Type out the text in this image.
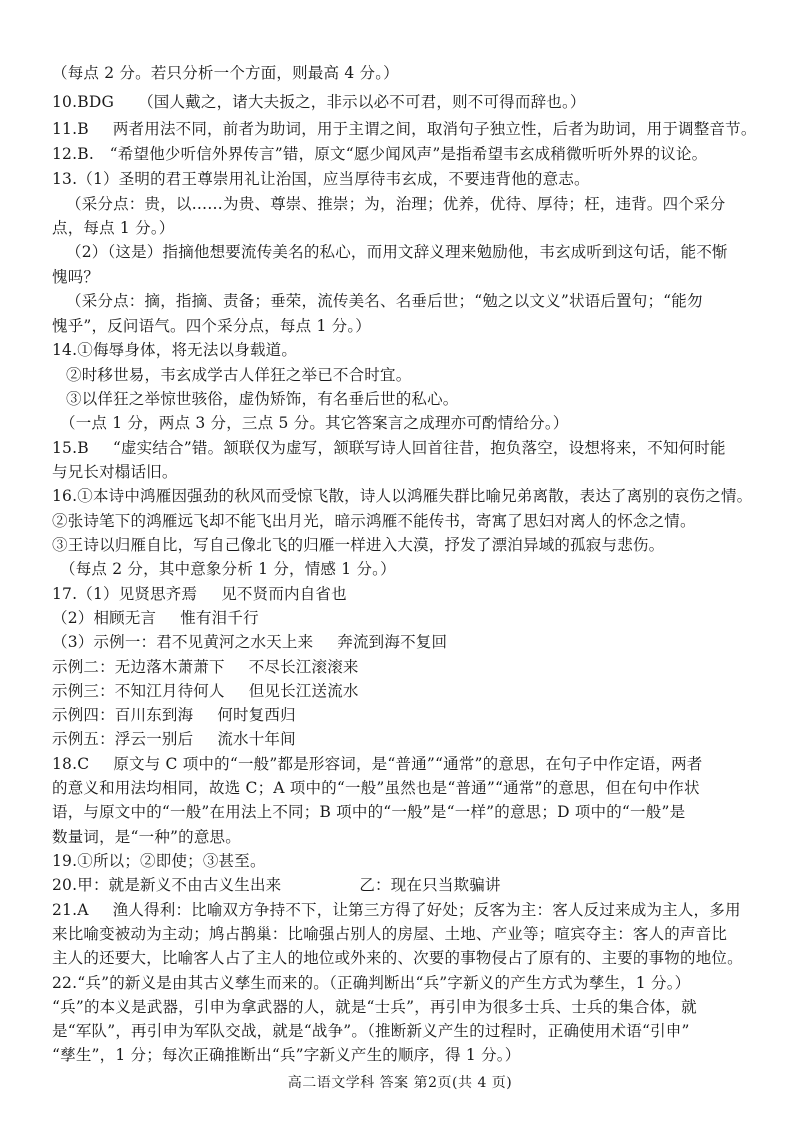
（每点 2 分。若只分析一个方面，则最高 4 分。）
10.BDG （国人戴之，诸大夫扳之，非示以必不可君，则不可得而辞也。）
11.B 两者用法不同，前者为助词，用于主谓之间，取消句子独立性，后者为助词，用于调整音节。
12.B.　“希望他少听信外界传言”错，原文“愿少闻风声”是指希望韦玄成稍微听听外界的议论。
13.（1）圣明的君王尊崇用礼让治国，应当厚待韦玄成，不要违背他的意志。
（采分点：贵，以……为贵、尊崇、推崇；为，治理；优养，优待、厚待；枉，违背。四个采分
点，每点 1 分。）
（2）（这是）指摘他想要流传美名的私心，而用文辞义理来勉励他，韦玄成听到这句话，能不惭
愧吗？
（采分点：摘，指摘、责备；垂荣，流传美名、名垂后世；“勉之以文义”状语后置句；“能勿
愧乎”，反问语气。四个采分点，每点 1 分。）
14.①侮辱身体，将无法以身载道。
②时移世易，韦玄成学古人佯狂之举已不合时宜。
③以佯狂之举惊世骇俗，虚伪矫饰，有名垂后世的私心。
（一点 1 分，两点 3 分，三点 5 分。其它答案言之成理亦可酌情给分。）
15.B “虚实结合”错。颔联仅为虚写，颔联写诗人回首往昔，抱负落空，设想将来，不知何时能
与兄长对榻话旧。
16.①本诗中鸿雁因强劲的秋风而受惊飞散，诗人以鸿雁失群比喻兄弟离散，表达了离别的哀伤之情。
②张诗笔下的鸿雁远飞却不能飞出月光，暗示鸿雁不能传书，寄寓了思妇对离人的怀念之情。
③王诗以归雁自比，写自己像北飞的归雁一样进入大漠，抒发了漂泊异域的孤寂与悲伤。
（每点 2 分，其中意象分析 1 分，情感 1 分。）
17.（1）见贤思齐焉 见不贤而内自省也
（2）相顾无言 惟有泪千行
（3）示例一：君不见黄河之水天上来 奔流到海不复回
示例二：无边落木萧萧下 不尽长江滚滚来
示例三：不知江月待何人 但见长江送流水
示例四：百川东到海 何时复西归
示例五：浮云一别后 流水十年间
18.C 原文与 C 项中的“一般”都是形容词，是“普通”“通常”的意思，在句子中作定语，两者
的意义和用法均相同，故选 C；A 项中的“一般”虽然也是“普通”“通常”的意思，但在句中作状
语，与原文中的“一般”在用法上不同；B 项中的“一般”是“一样”的意思；D 项中的“一般”是
数量词，是“一种”的意思。
19.①所以；②即使；③甚至。
20.甲：就是新义不由古义生出来	乙：现在只当欺骗讲
21.A 渔人得利：比喻双方争持不下，让第三方得了好处；反客为主：客人反过来成为主人，多用
来比喻变被动为主动；鸠占鹊巢：比喻强占别人的房屋、土地、产业等；喧宾夺主：客人的声音比
主人的还要大，比喻客人占了主人的地位或外来的、次要的事物侵占了原有的、主要的事物的地位。
22.“兵”的新义是由其古义孳生而来的。（正确判断出“兵”字新义的产生方式为孳生，1 分。）
“兵”的本义是武器，引申为拿武器的人，就是“士兵”，再引申为很多士兵、士兵的集合体，就
是“军队”，再引申为军队交战，就是“战争”。（推断新义产生的过程时，正确使用术语“引申”
“孳生”，1 分；每次正确推断出“兵”字新义产生的顺序，得 1 分。）
高二语文学科 答案 第2页(共 4 页)
